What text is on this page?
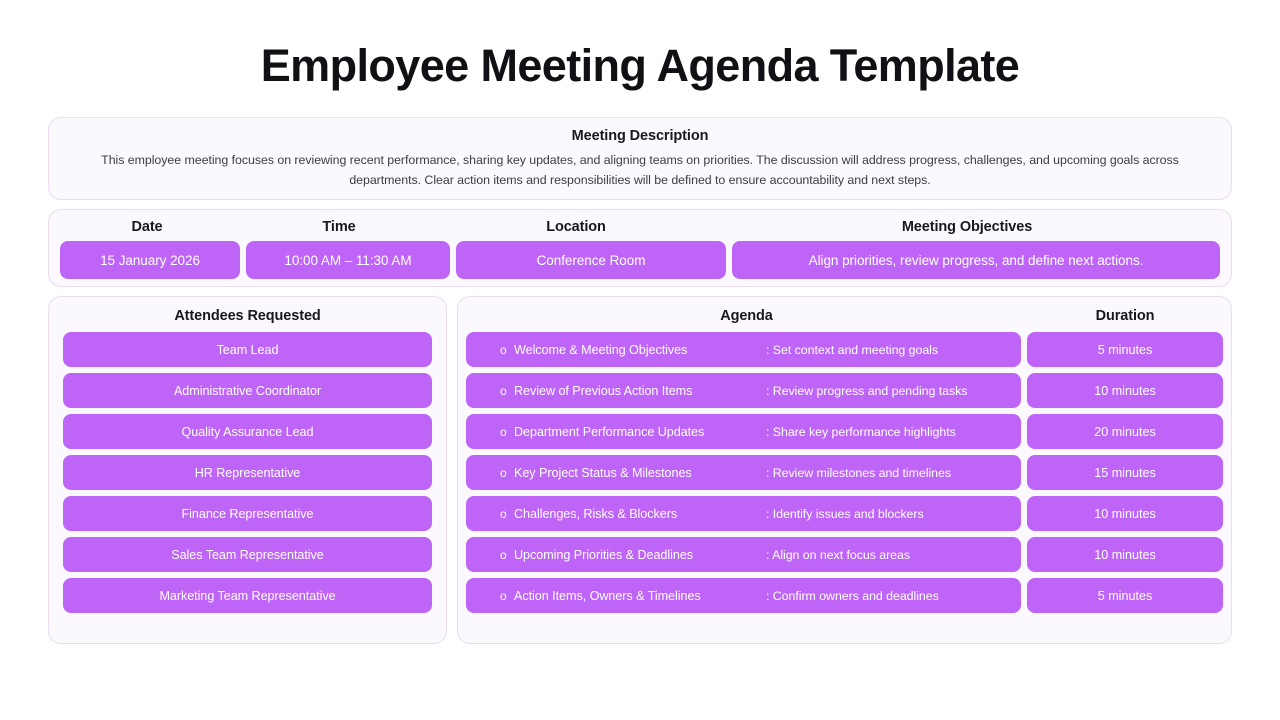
Employee Meeting Agenda Template
Meeting Description
This employee meeting focuses on reviewing recent performance, sharing key updates, and aligning teams on priorities. The discussion will address progress, challenges, and upcoming goals across departments. Clear action items and responsibilities will be defined to ensure accountability and next steps.
Date	Time	Location	Meeting Objectives
15 January 2026	10:00 AM – 11:30 AM	Conference Room	Align priorities, review progress, and define next actions.
Attendees Requested
Team Lead
Administrative Coordinator
Quality Assurance Lead
HR Representative
Finance Representative
Sales Team Representative
Marketing Team Representative
Agenda	Duration
o Welcome & Meeting Objectives	: Set context and meeting goals	5 minutes
o Review of Previous Action Items	: Review progress and pending tasks	10 minutes
o Department Performance Updates	: Share key performance highlights	20 minutes
o Key Project Status & Milestones	: Review milestones and timelines	15 minutes
o Challenges, Risks & Blockers	: Identify issues and blockers	10 minutes
o Upcoming Priorities & Deadlines	: Align on next focus areas	10 minutes
o Action Items, Owners & Timelines	: Confirm owners and deadlines	5 minutes
